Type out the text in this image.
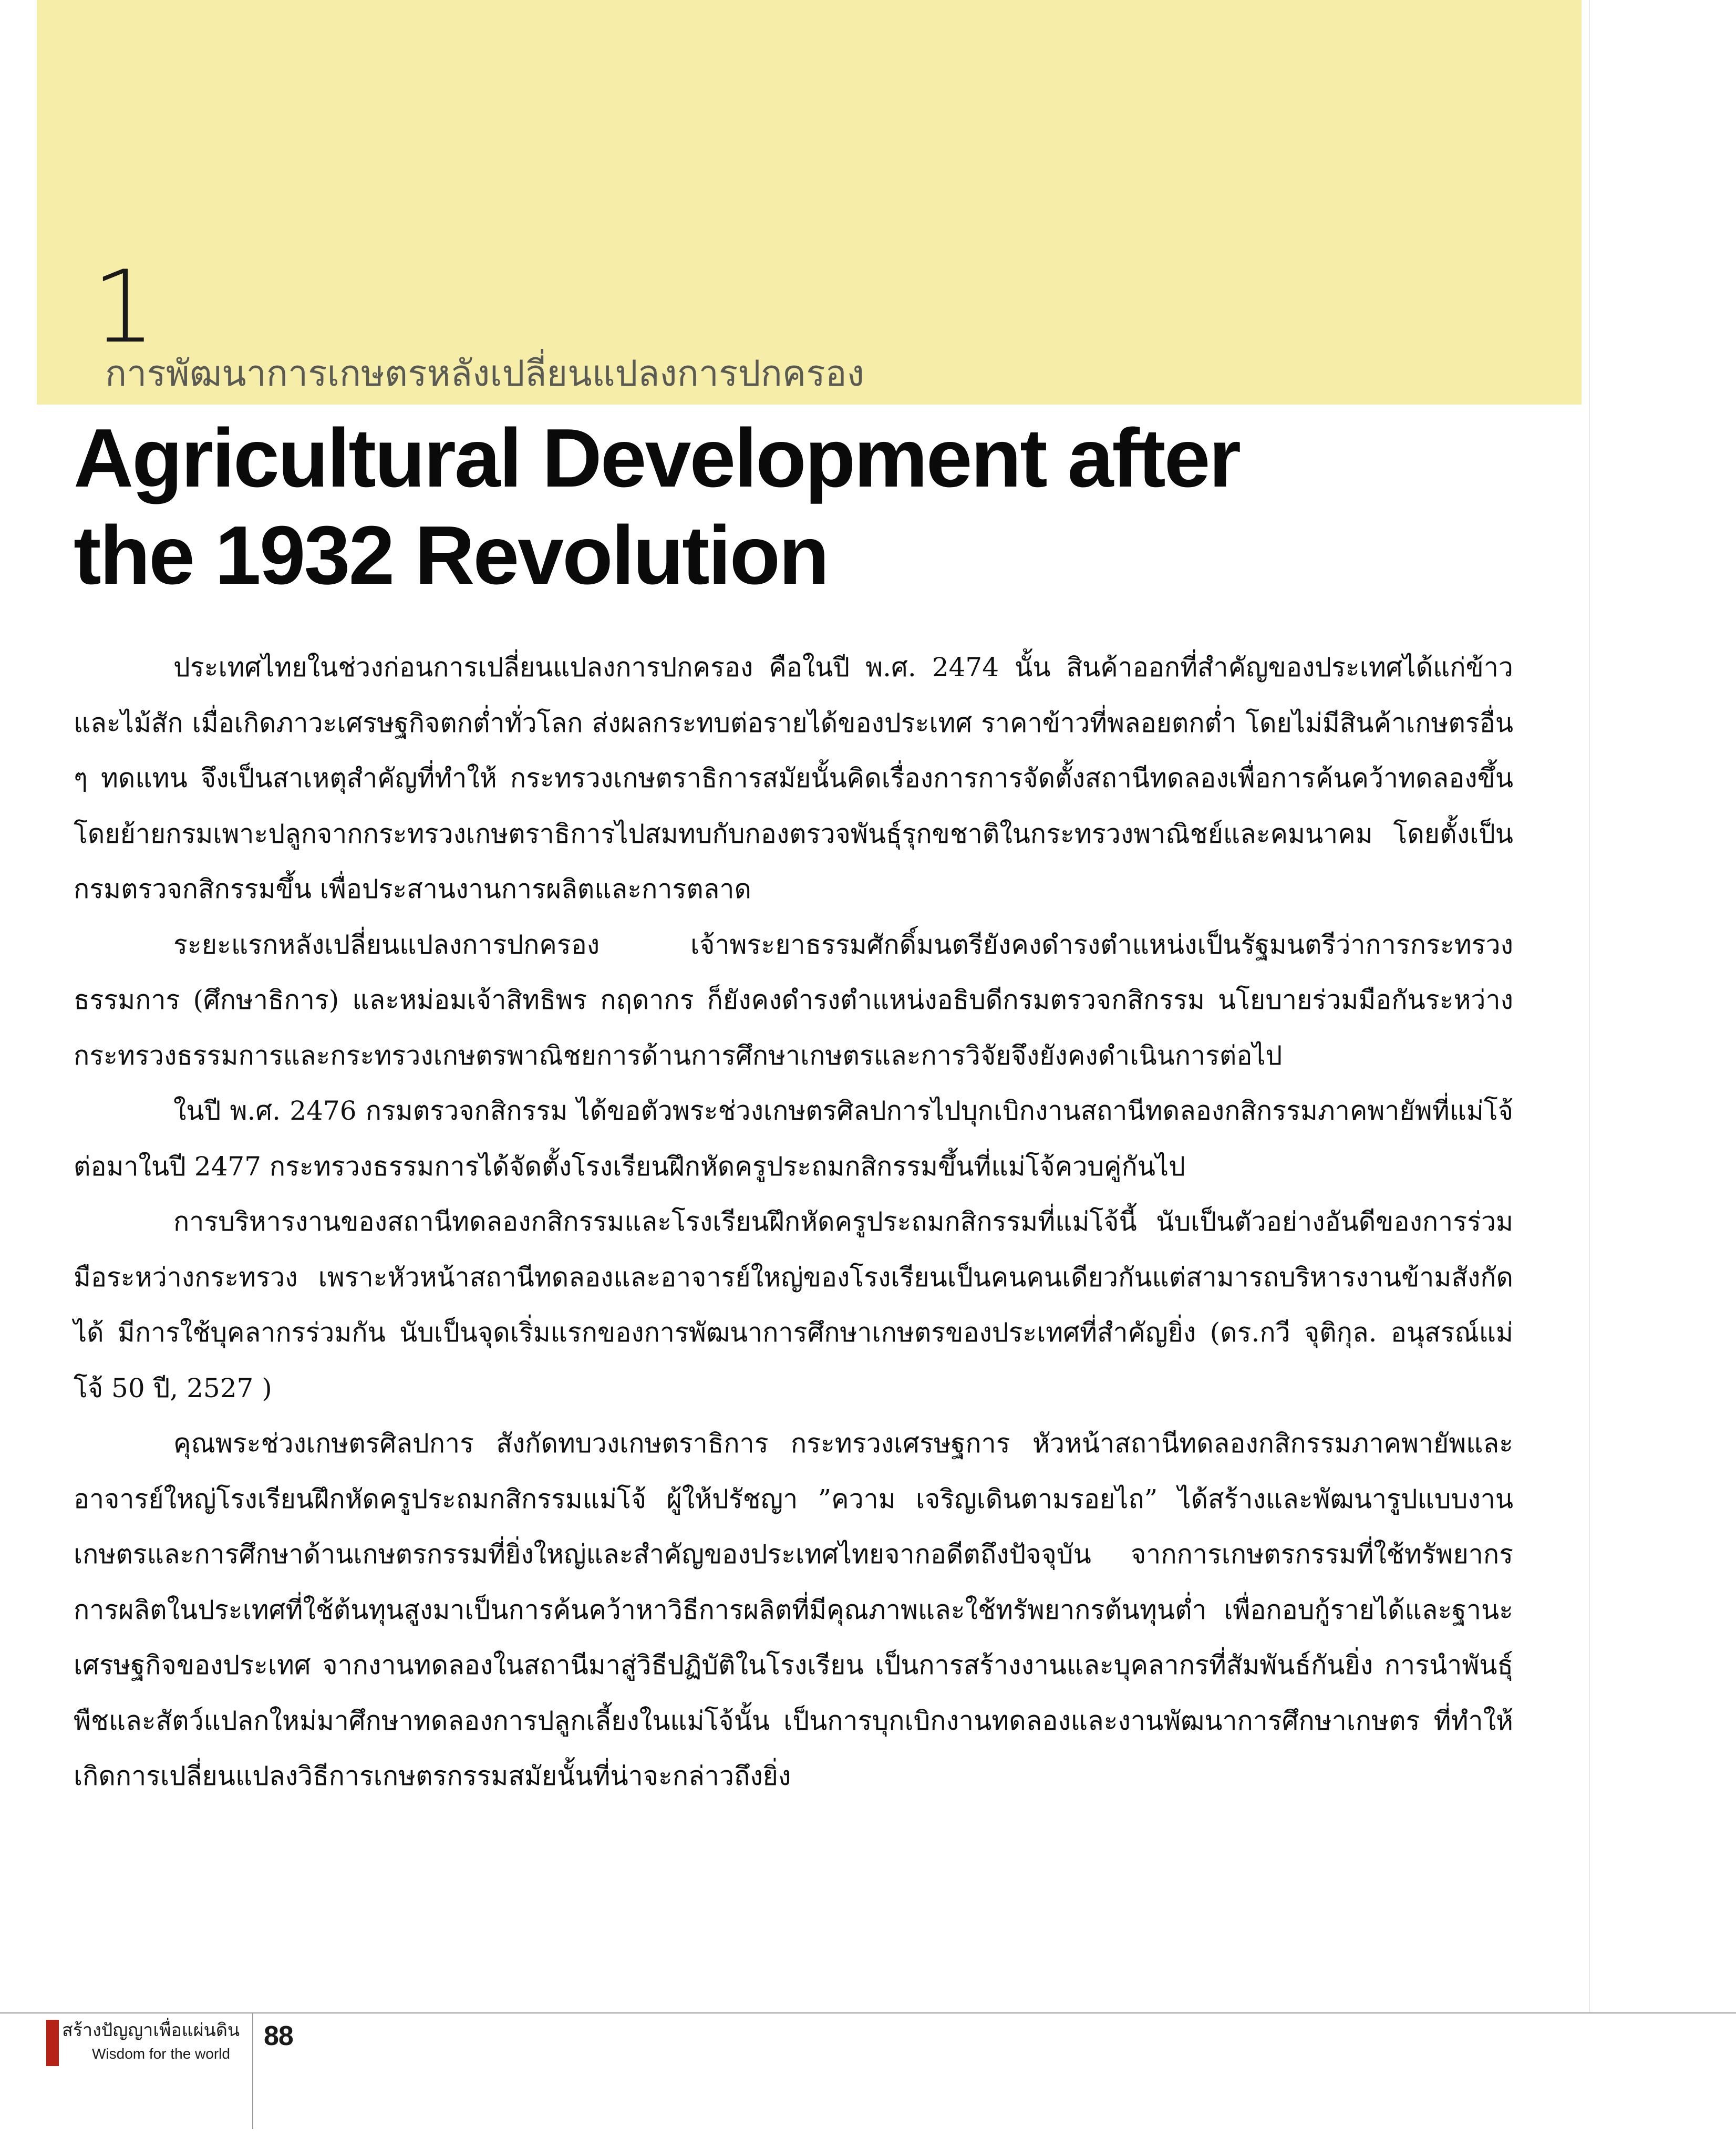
1
การพัฒนาการเกษตรหลังเปลี่ยนแปลงการปกครอง
Agricultural Development after
the 1932 Revolution

ประเทศไทยในช่วงก่อนการเปลี่ยนแปลงการปกครอง คือในปี พ.ศ. 2474 นั้น สินค้าออกที่สำคัญของประเทศได้แก่ข้าวและไม้สัก เมื่อเกิดภาวะเศรษฐกิจตกต่ำทั่วโลก ส่งผลกระทบต่อรายได้ของประเทศ ราคาข้าวที่พลอยตกต่ำ โดยไม่มีสินค้าเกษตรอื่น ๆ ทดแทน จึงเป็นสาเหตุสำคัญที่ทำให้ กระทรวงเกษตราธิการสมัยนั้นคิดเรื่องการการจัดตั้งสถานีทดลองเพื่อการค้นคว้าทดลองขึ้น โดยย้ายกรมเพาะปลูกจากกระทรวงเกษตราธิการไปสมทบกับกองตรวจพันธุ์รุกขชาติในกระทรวงพาณิชย์และคมนาคม โดยตั้งเป็น กรมตรวจกสิกรรมขึ้น เพื่อประสานงานการผลิตและการตลาด

ระยะแรกหลังเปลี่ยนแปลงการปกครอง เจ้าพระยาธรรมศักดิ์มนตรียังคงดำรงตำแหน่งเป็นรัฐมนตรีว่าการกระทรวงธรรมการ (ศึกษาธิการ) และหม่อมเจ้าสิทธิพร กฤดากร ก็ยังคงดำรงตำแหน่งอธิบดีกรมตรวจกสิกรรม นโยบายร่วมมือกันระหว่างกระทรวงธรรมการและกระทรวงเกษตรพาณิชยการด้านการศึกษาเกษตรและการวิจัยจึงยังคงดำเนินการต่อไป

ในปี พ.ศ. 2476 กรมตรวจกสิกรรม ได้ขอตัวพระช่วงเกษตรศิลปการไปบุกเบิกงานสถานีทดลองกสิกรรมภาคพายัพที่แม่โจ้ ต่อมาในปี 2477 กระทรวงธรรมการได้จัดตั้งโรงเรียนฝึกหัดครูประถมกสิกรรมขึ้นที่แม่โจ้ควบคู่กันไป

การบริหารงานของสถานีทดลองกสิกรรมและโรงเรียนฝึกหัดครูประถมกสิกรรมที่แม่โจ้นี้ นับเป็นตัวอย่างอันดีของการร่วมมือระหว่างกระทรวง เพราะหัวหน้าสถานีทดลองและอาจารย์ใหญ่ของโรงเรียนเป็นคนคนเดียวกันแต่สามารถบริหารงานข้ามสังกัดได้ มีการใช้บุคลากรร่วมกัน นับเป็นจุดเริ่มแรกของการพัฒนาการศึกษาเกษตรของประเทศที่สำคัญยิ่ง (ดร.กวี จุติกุล. อนุสรณ์แม่โจ้ 50 ปี, 2527 )

คุณพระช่วงเกษตรศิลปการ สังกัดทบวงเกษตราธิการ กระทรวงเศรษฐการ หัวหน้าสถานีทดลองกสิกรรมภาคพายัพและอาจารย์ใหญ่โรงเรียนฝึกหัดครูประถมกสิกรรมแม่โจ้ ผู้ให้ปรัชญา ”ความ เจริญเดินตามรอยไถ” ได้สร้างและพัฒนารูปแบบงานเกษตรและการศึกษาด้านเกษตรกรรมที่ยิ่งใหญ่และสำคัญของประเทศไทยจากอดีตถึงปัจจุบัน จากการเกษตรกรรมที่ใช้ทรัพยากรการผลิตในประเทศที่ใช้ต้นทุนสูงมาเป็นการค้นคว้าหาวิธีการผลิตที่มีคุณภาพและใช้ทรัพยากรต้นทุนต่ำ เพื่อกอบกู้รายได้และฐานะเศรษฐกิจของประเทศ จากงานทดลองในสถานีมาสู่วิธีปฏิบัติในโรงเรียน เป็นการสร้างงานและบุคลากรที่สัมพันธ์กันยิ่ง การนำพันธุ์พืชและสัตว์แปลกใหม่มาศึกษาทดลองการปลูกเลี้ยงในแม่โจ้นั้น เป็นการบุกเบิกงานทดลองและงานพัฒนาการศึกษาเกษตร ที่ทำให้เกิดการเปลี่ยนแปลงวิธีการเกษตรกรรมสมัยนั้นที่น่าจะกล่าวถึงยิ่ง

สร้างปัญญาเพื่อแผ่นดิน
Wisdom for the world
88
